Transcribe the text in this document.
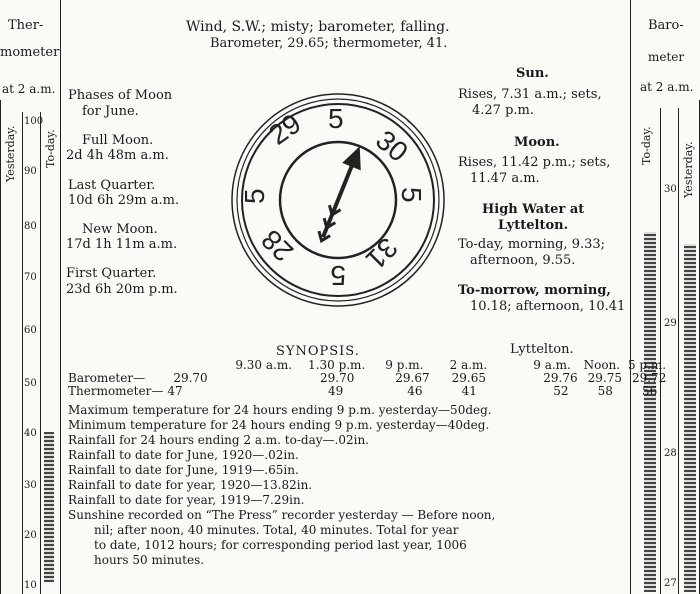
Ther-
mometer
at 2 a.m.
Yesterday. To-day.
100
90
80
70
60
50
40
30
20
10
Baro-
meter
at 2 a.m.
To-day.	Yesterday.
30
29
28
27
Wind, S.W.; misty; barometer, falling.
Barometer, 29.65; thermometer, 41.
Phases of Moon
for June.
Full Moon.
2d 4h 48m a.m.
Last Quarter.
10d 6h 29m a.m.
New Moon.
17d 1h 11m a.m.
First Quarter.
23d 6h 20m p.m.
29 5
30
5
31
5
28
5
Sun.
Rises, 7.31 a.m.; sets,
4.27 p.m.
Moon.
Rises, 11.42 p.m.; sets,
11.47 a.m.
High Water at
Lyttelton.
To-day, morning, 9.33;
afternoon, 9.55.
To-morrow, morning,
10.18; afternoon, 10.41
SYNOPSIS.	Lyttelton.
	9.30 a.m.	1.30 p.m.	9 p.m.	2 a.m.	9 a.m.	Noon.	5 p.m.
Barometer—	29.70	29.70	29.67	29.65	29.76	29.75	29.72
Thermometer—	47	49	46	41	52	58	56
Maximum temperature for 24 hours ending 9 p.m. yesterday—50deg.
Minimum temperature for 24 hours ending 9 p.m. yesterday—40deg.
Rainfall for 24 hours ending 2 a.m. to-day—.02in.
Rainfall to date for June, 1920—.02in.
Rainfall to date for June, 1919—.65in.
Rainfall to date for year, 1920—13.82in.
Rainfall to date for year, 1919—7.29in.
Sunshine recorded on “The Press” recorder yesterday — Before noon,
nil; after noon, 40 minutes. Total, 40 minutes. Total for year
to date, 1012 hours; for corresponding period last year, 1006
hours 50 minutes.
